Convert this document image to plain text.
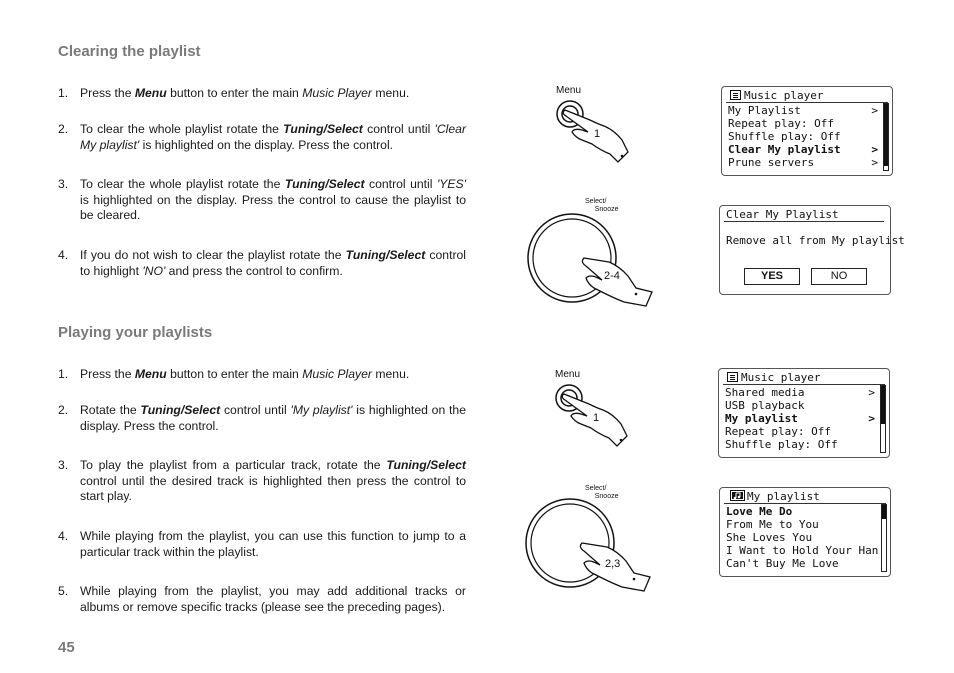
Clearing the playlist
Playing your playlists
1. Press the Menu button to enter the main Music Player menu.
2. To clear the whole playlist rotate the Tuning/Select control until 'Clear My playlist' is highlighted on the display. Press the control.
3. To clear the whole playlist rotate the Tuning/Select control until 'YES' is highlighted on the display. Press the control to cause the playlist to be cleared.
4. If you do not wish to clear the playlist rotate the Tuning/Select control to highlight 'NO' and press the control to confirm.
1. Press the Menu button to enter the main Music Player menu.
2. Rotate the Tuning/Select control until 'My playlist' is highlighted on the display. Press the control.
3. To play the playlist from a particular track, rotate the Tuning/Select control until the desired track is highlighted then press the control to start play.
4. While playing from the playlist, you can use this function to jump to a particular track within the playlist.
5. While playing from the playlist, you may add additional tracks or albums or remove specific tracks (please see the preceding pages).
45
Menu
1
Select/
Snooze
2-4
Menu
1
Select/
Snooze
2,3
Music player
My Playlist	>
Repeat play: Off
Shuffle play: Off
Clear My playlist	>
Prune servers	>
Clear My Playlist
Remove all from My playlist
YES	NO
Music player
Shared media	>
USB playback
My playlist	>
Repeat play: Off
Shuffle play: Off
My playlist
Love Me Do
From Me to You
She Loves You
I Want to Hold Your Han
Can't Buy Me Love
